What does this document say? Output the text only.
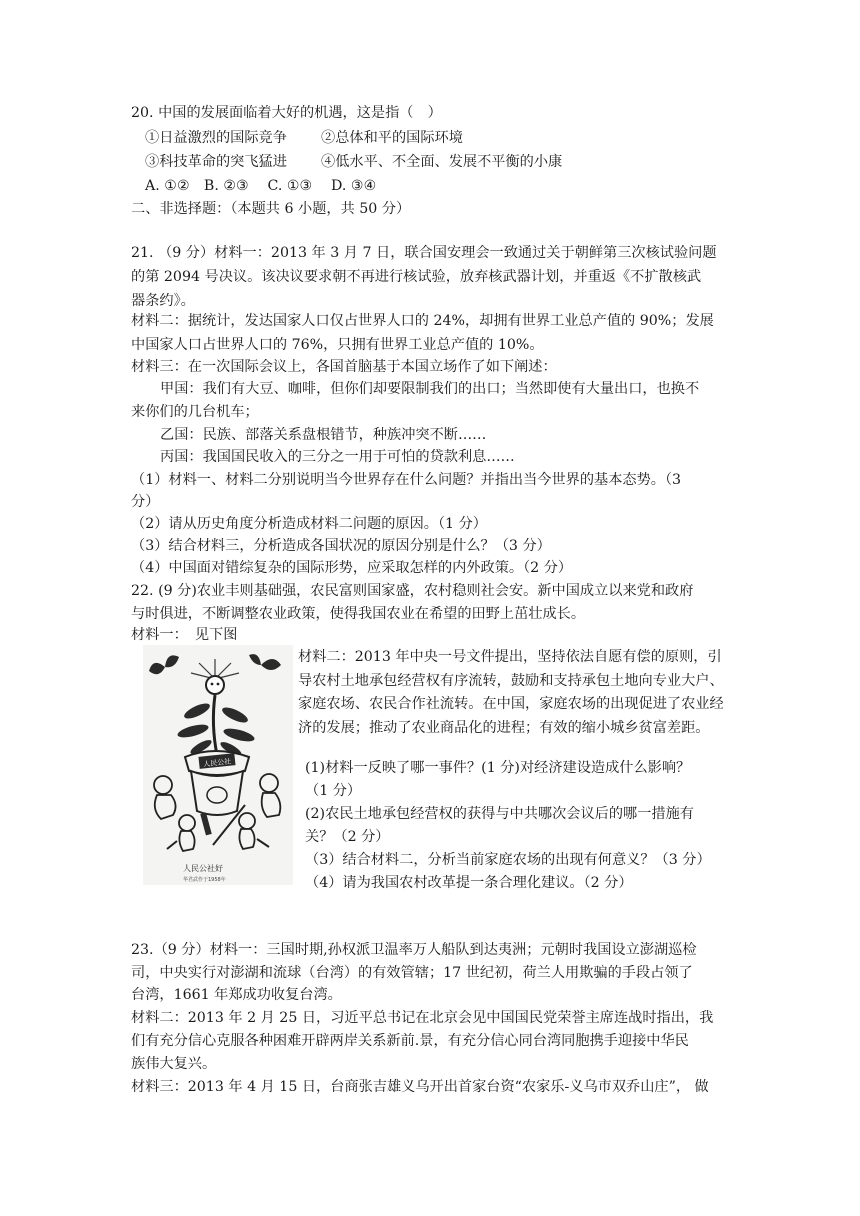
20. 中国的发展面临着大好的机遇，这是指（　）
①日益激烈的国际竞争 ②总体和平的国际环境
③科技革命的突飞猛进 ④低水平、不全面、发展不平衡的小康
A. ①②　B. ②③　 C. ①③　 D. ③④
二、非选择题：（本题共 6 小题，共 50 分）
21. （9 分）材料一：2013 年 3 月 7 日，联合国安理会一致通过关于朝鲜第三次核试验问题
的第 2094 号决议。该决议要求朝不再进行核试验，放弃核武器计划，并重返《不扩散核武
器条约》。
材料二：据统计，发达国家人口仅占世界人口的 24%，却拥有世界工业总产值的 90%；发展
中国家人口占世界人口的 76%，只拥有世界工业总产值的 10%。
材料三：在一次国际会议上，各国首脑基于本国立场作了如下阐述：
甲国：我们有大豆、咖啡，但你们却要限制我们的出口；当然即使有大量出口，也换不
来你们的几台机车；
乙国：民族、部落关系盘根错节，种族冲突不断……
丙国：我国国民收入的三分之一用于可怕的贷款利息……
（1）材料一、材料二分别说明当今世界存在什么问题？并指出当今世界的基本态势。（3
分）
（2）请从历史角度分析造成材料二问题的原因。（1 分）
（3）结合材料三，分析造成各国状况的原因分别是什么？（3 分）
（4）中国面对错综复杂的国际形势，应采取怎样的内外政策。（2 分）
22. (9 分)农业丰则基础强，农民富则国家盛，农村稳则社会安。新中国成立以来党和政府
与时俱进，不断调整农业政策，使得我国农业在希望的田野上茁壮成长。
材料一：　见下图
人民公社
人民公社好
华君武作于1958年
材料二：2013 年中央一号文件提出，坚持依法自愿有偿的原则，引导农村土地承包经营权有序流转，鼓励和支持承包土地向专业大户、家庭农场、农民合作社流转。在中国，家庭农场的出现促进了农业经济的发展；推动了农业商品化的进程；有效的缩小城乡贫富差距。
(1)材料一反映了哪一事件？(1 分)对经济建设造成什么影响？
（1 分）
(2)农民土地承包经营权的获得与中共哪次会议后的哪一措施有
关？（2 分）
（3）结合材料二，分析当前家庭农场的出现有何意义？（3 分）
（4）请为我国农村改革提一条合理化建议。（2 分）
23.（9 分）材料一：三国时期,孙权派卫温率万人船队到达夷洲；元朝时我国设立澎湖巡检
司，中央实行对澎湖和流球（台湾）的有效管辖；17 世纪初，荷兰人用欺骗的手段占领了
台湾，1661 年郑成功收复台湾。
材料二：2013 年 2 月 25 日，习近平总书记在北京会见中国国民党荣誉主席连战时指出，我
们有充分信心克服各种困难开辟两岸关系新前.景，有充分信心同台湾同胞携手迎接中华民
族伟大复兴。
材料三：2013 年 4 月 15 日，台商张吉雄义乌开出首家台资“农家乐-义乌市双乔山庄”， 做
